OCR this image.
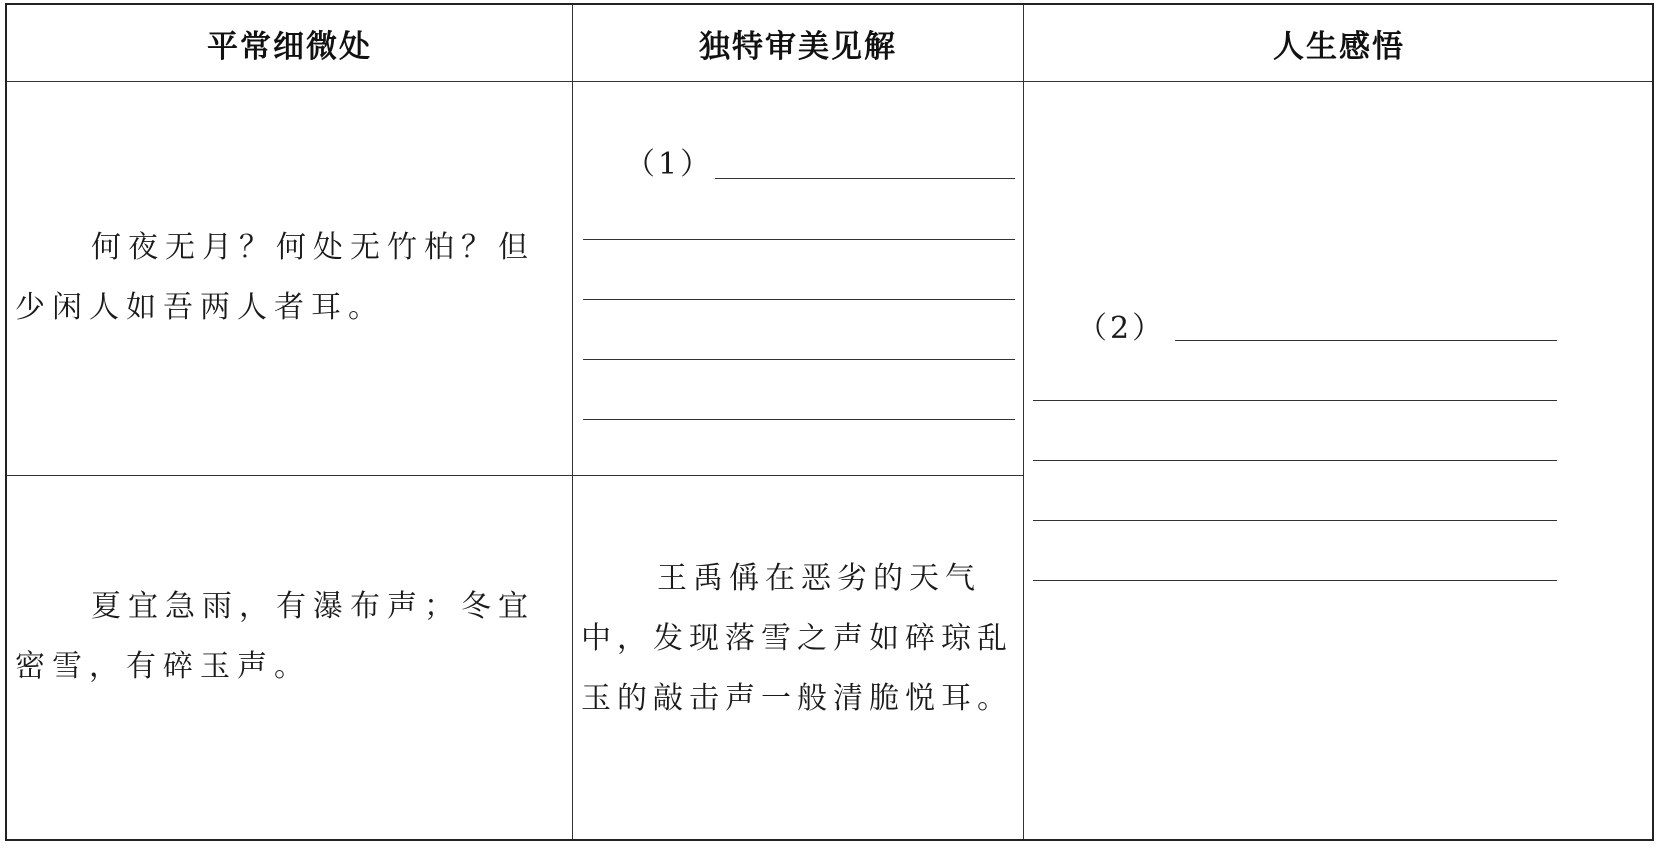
平常细微处	独特审美见解	人生感悟
何夜无月？何处无竹柏？但少闲人如吾两人者耳。
（1）
夏宜急雨，有瀑布声；冬宜密雪，有碎玉声。
王禹偁在恶劣的天气中，发现落雪之声如碎琼乱玉的敲击声一般清脆悦耳。
（2）
